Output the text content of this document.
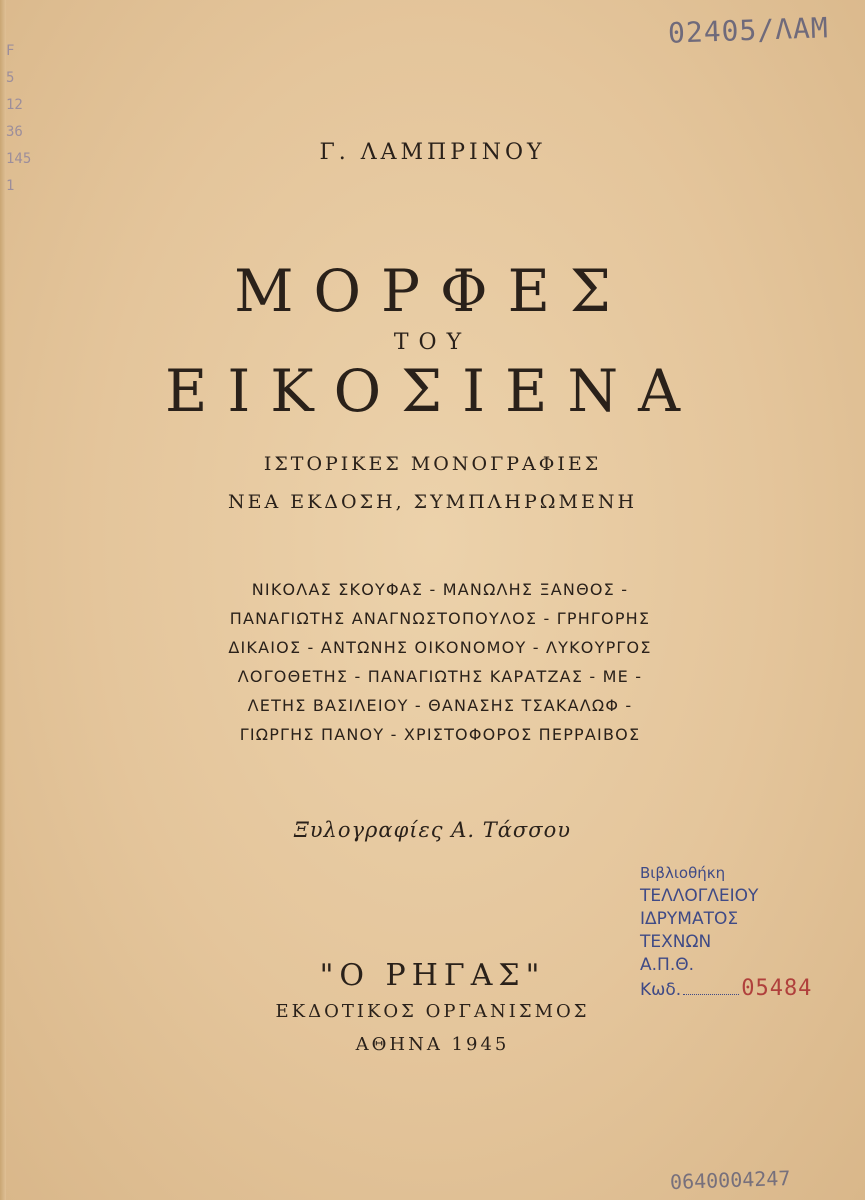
F
5
12
36
145
1
02405/ΛΑΜ
Γ. ΛΑΜΠΡΙΝΟΥ
ΜΟΡΦΕΣ
ΤΟΥ
ΕΙΚΟΣΙΕΝΑ
ΙΣΤΟΡΙΚΕΣ ΜΟΝΟΓΡΑΦΙΕΣ
ΝΕΑ ΕΚΔΟΣΗ, ΣΥΜΠΛΗΡΩΜΕΝΗ
ΝΙΚΟΛΑΣ ΣΚΟΥΦΑΣ - ΜΑΝΩΛΗΣ ΞΑΝΘΟΣ -
ΠΑΝΑΓΙΩΤΗΣ ΑΝΑΓΝΩΣΤΟΠΟΥΛΟΣ - ΓΡΗΓΟΡΗΣ
ΔΙΚΑΙΟΣ - ΑΝΤΩΝΗΣ ΟΙΚΟΝΟΜΟΥ - ΛΥΚΟΥΡΓΟΣ
ΛΟΓΟΘΕΤΗΣ - ΠΑΝΑΓΙΩΤΗΣ ΚΑΡΑΤΖΑΣ - ΜΕ -
ΛΕΤΗΣ ΒΑΣΙΛΕΙΟΥ - ΘΑΝΑΣΗΣ ΤΣΑΚΑΛΩΦ -
ΓΙΩΡΓΗΣ ΠΑΝΟΥ - ΧΡΙΣΤΟΦΟΡΟΣ ΠΕΡΡΑΙΒΟΣ
Ξυλογραφίες Α. Τάσσου
Βιβλιοθήκη
ΤΕΛΛΟΓΛΕΙΟΥ
ΙΔΡΥΜΑΤΟΣ
ΤΕΧΝΩΝ
Α.Π.Θ.
Κωδ.	05484
"Ο ΡΗΓΑΣ"
ΕΚΔΟΤΙΚΟΣ ΟΡΓΑΝΙΣΜΟΣ
ΑΘΗΝΑ 1945
0640004247
